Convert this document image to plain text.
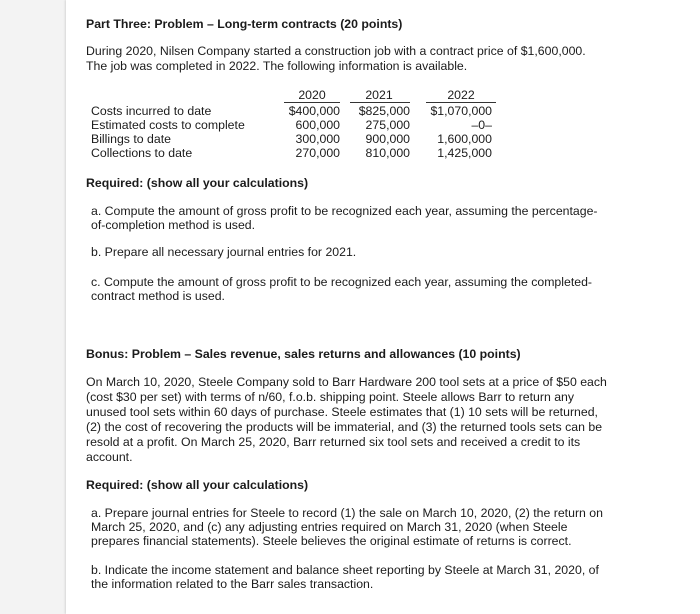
Part Three: Problem – Long-term contracts (20 points)
During 2020, Nilsen Company started a construction job with a contract price of $1,600,000.
The job was completed in 2022. The following information is available.
2020	2021	2022
Costs incurred to date
Estimated costs to complete
Billings to date
Collections to date
$400,000
600,000
300,000
270,000
$825,000
275,000
900,000
810,000
$1,070,000
–0–
1,600,000
1,425,000
Required: (show all your calculations)
a. Compute the amount of gross profit to be recognized each year, assuming the percentage-
of-completion method is used.
b. Prepare all necessary journal entries for 2021.
c. Compute the amount of gross profit to be recognized each year, assuming the completed-
contract method is used.
Bonus: Problem – Sales revenue, sales returns and allowances (10 points)
On March 10, 2020, Steele Company sold to Barr Hardware 200 tool sets at a price of $50 each
(cost $30 per set) with terms of n/60, f.o.b. shipping point. Steele allows Barr to return any
unused tool sets within 60 days of purchase. Steele estimates that (1) 10 sets will be returned,
(2) the cost of recovering the products will be immaterial, and (3) the returned tools sets can be
resold at a profit. On March 25, 2020, Barr returned six tool sets and received a credit to its
account.
Required: (show all your calculations)
a. Prepare journal entries for Steele to record (1) the sale on March 10, 2020, (2) the return on
March 25, 2020, and (c) any adjusting entries required on March 31, 2020 (when Steele
prepares financial statements). Steele believes the original estimate of returns is correct.
b. Indicate the income statement and balance sheet reporting by Steele at March 31, 2020, of
the information related to the Barr sales transaction.
